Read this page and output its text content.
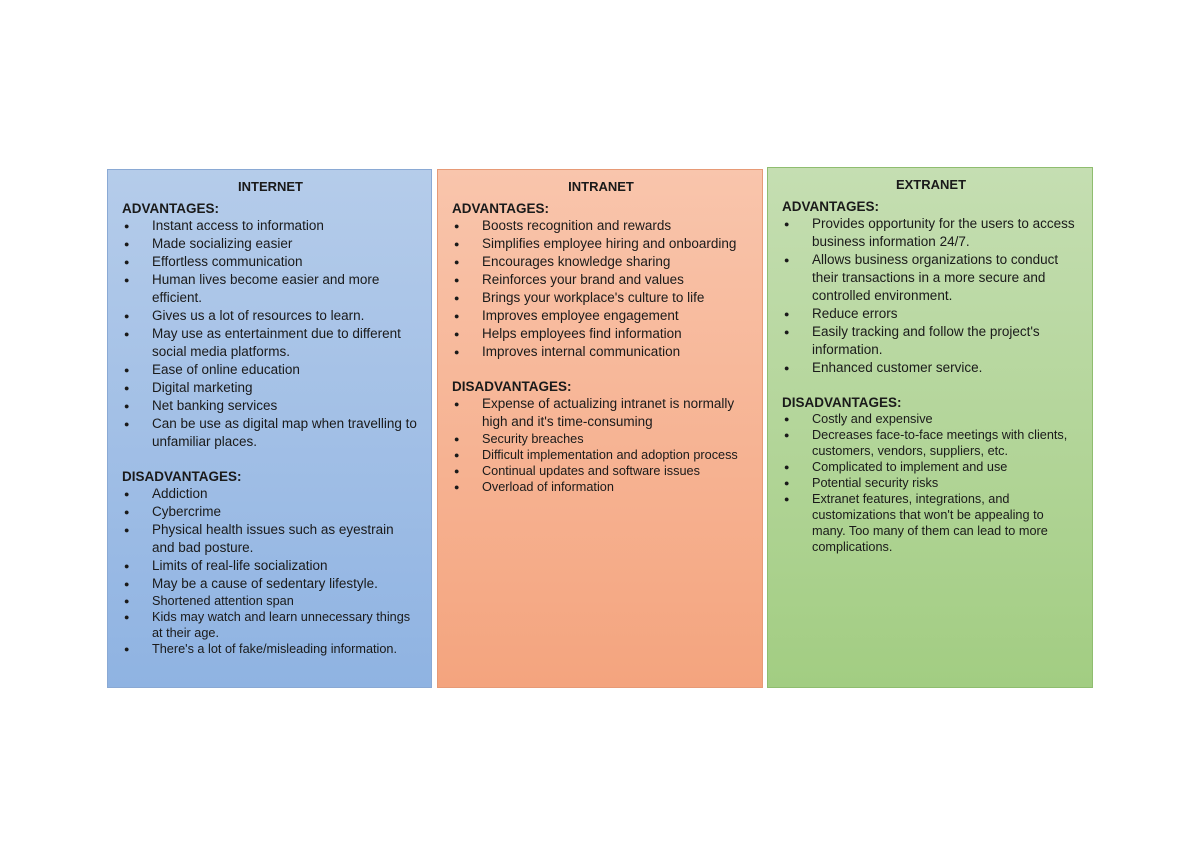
INTERNET
ADVANTAGES:
● Instant access to information
● Made socializing easier
● Effortless communication
● Human lives become easier and more efficient.
● Gives us a lot of resources to learn.
● May use as entertainment due to different social media platforms.
● Ease of online education
● Digital marketing
● Net banking services
● Can be use as digital map when travelling to unfamiliar places.
DISADVANTAGES:
● Addiction
● Cybercrime
● Physical health issues such as eyestrain and bad posture.
● Limits of real-life socialization
● May be a cause of sedentary lifestyle.
● Shortened attention span
● Kids may watch and learn unnecessary things at their age.
● There's a lot of fake/misleading information.
INTRANET
ADVANTAGES:
● Boosts recognition and rewards
● Simplifies employee hiring and onboarding
● Encourages knowledge sharing
● Reinforces your brand and values
● Brings your workplace's culture to life
● Improves employee engagement
● Helps employees find information
● Improves internal communication
DISADVANTAGES:
● Expense of actualizing intranet is normally high and it's time-consuming
● Security breaches
● Difficult implementation and adoption process
● Continual updates and software issues
● Overload of information
EXTRANET
ADVANTAGES:
● Provides opportunity for the users to access business information 24/7.
● Allows business organizations to conduct their transactions in a more secure and controlled environment.
● Reduce errors
● Easily tracking and follow the project's information.
● Enhanced customer service.
DISADVANTAGES:
● Costly and expensive
● Decreases face-to-face meetings with clients, customers, vendors, suppliers, etc.
● Complicated to implement and use
● Potential security risks
● Extranet features, integrations, and customizations that won't be appealing to many. Too many of them can lead to more complications.
